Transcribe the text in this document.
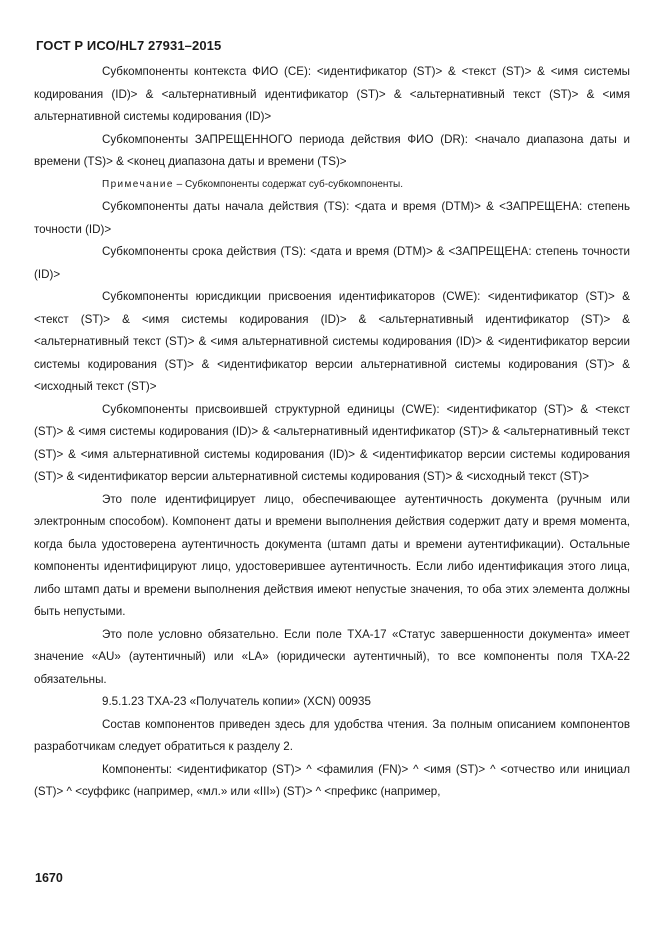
ГОСТ Р ИСО/HL7 27931–2015

Субкомпоненты контекста ФИО (CE): <идентификатор (ST)> & <текст (ST)> & <имя системы кодирования (ID)> & <альтернативный идентификатор (ST)> & <альтернативный текст (ST)> & <имя альтернативной системы кодирования (ID)>

Субкомпоненты ЗАПРЕЩЕННОГО периода действия ФИО (DR): <начало диапазона даты и времени (TS)> & <конец диапазона даты и времени (TS)>

Примечание – Субкомпоненты содержат суб-субкомпоненты.

Субкомпоненты даты начала действия (TS): <дата и время (DTM)> & <ЗАПРЕЩЕНА: степень точности (ID)>

Субкомпоненты срока действия (TS): <дата и время (DTM)> & <ЗАПРЕЩЕНА: степень точности (ID)>

Субкомпоненты юрисдикции присвоения идентификаторов (CWE): <идентификатор (ST)> & <текст (ST)> & <имя системы кодирования (ID)> & <альтернативный идентификатор (ST)> & <альтернативный текст (ST)> & <имя альтернативной системы кодирования (ID)> & <идентификатор версии системы кодирования (ST)> & <идентификатор версии альтернативной системы кодирования (ST)> & <исходный текст (ST)>

Субкомпоненты присвоившей структурной единицы (CWE): <идентификатор (ST)> & <текст (ST)> & <имя системы кодирования (ID)> & <альтернативный идентификатор (ST)> & <альтернативный текст (ST)> & <имя альтернативной системы кодирования (ID)> & <идентификатор версии системы кодирования (ST)> & <идентификатор версии альтернативной системы кодирования (ST)> & <исходный текст (ST)>

Это поле идентифицирует лицо, обеспечивающее аутентичность документа (ручным или электронным способом). Компонент даты и времени выполнения действия содержит дату и время момента, когда была удостоверена аутентичность документа (штамп даты и времени аутентификации). Остальные компоненты идентифицируют лицо, удостоверившее аутентичность. Если либо идентификация этого лица, либо штамп даты и времени выполнения действия имеют непустые значения, то оба этих элемента должны быть непустыми.

Это поле условно обязательно. Если поле ТХА-17 «Статус завершенности документа» имеет значение «AU» (аутентичный) или «LA» (юридически аутентичный), то все компоненты поля ТХА-22 обязательны.

9.5.1.23 ТХА-23 «Получатель копии» (XCN) 00935

Состав компонентов приведен здесь для удобства чтения. За полным описанием компонентов разработчикам следует обратиться к разделу 2.

Компоненты: <идентификатор (ST)> ^ <фамилия (FN)> ^ <имя (ST)> ^ <отчество или инициал (ST)> ^ <суффикс (например, «мл.» или «III») (ST)> ^ <префикс (например,

1670
